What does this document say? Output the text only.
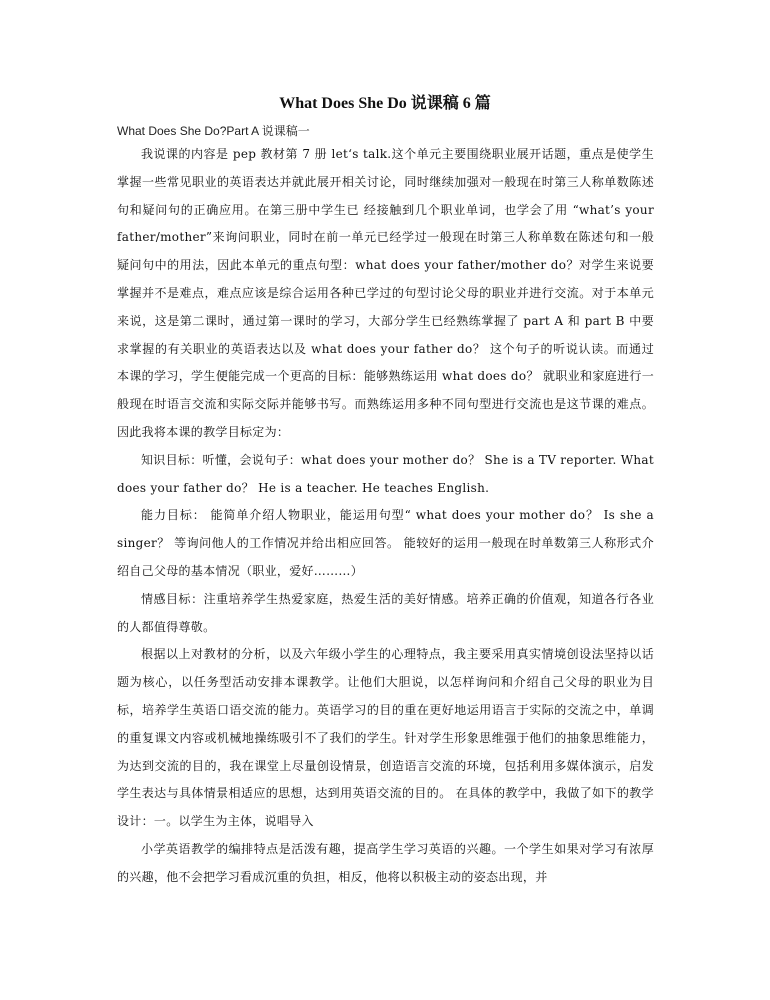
What Does She Do 说课稿 6 篇

What Does She Do?Part A 说课稿一

我说课的内容是 pep 教材第 7 册 let‘s talk.这个单元主要围绕职业展开话题，重点是使学生掌握一些常见职业的英语表达并就此展开相关讨论，同时继续加强对一般现在时第三人称单数陈述句和疑问句的正确应用。在第三册中学生已 经接触到几个职业单词，也学会了用 “what’s your father/mother”来询问职业，同时在前一单元已经学过一般现在时第三人称单数在陈述句和一般疑问句中的用法，因此本单元的重点句型：what does your father/mother do？对学生来说要掌握并不是难点，难点应该是综合运用各种已学过的句型讨论父母的职业并进行交流。对于本单元来说，这是第二课时，通过第一课时的学习，大部分学生已经熟练掌握了 part A 和 part B 中要求掌握的有关职业的英语表达以及 what does your father do？ 这个句子的听说认读。而通过本课的学习，学生便能完成一个更高的目标：能够熟练运用 what does do？ 就职业和家庭进行一般现在时语言交流和实际交际并能够书写。而熟练运用多种不同句型进行交流也是这节课的难点。因此我将本课的教学目标定为：

知识目标：听懂，会说句子：what does your mother do？ She is a TV reporter. What does your father do？ He is a teacher. He teaches English.

能力目标： 能简单介绍人物职业，能运用句型“ what does your mother do？ Is she a singer？ 等询问他人的工作情况并给出相应回答。 能较好的运用一般现在时单数第三人称形式介绍自己父母的基本情况（职业，爱好………）

情感目标：注重培养学生热爱家庭，热爱生活的美好情感。培养正确的价值观，知道各行各业的人都值得尊敬。

根据以上对教材的分析，以及六年级小学生的心理特点，我主要采用真实情境创设法坚持以话题为核心，以任务型活动安排本课教学。让他们大胆说，以怎样询问和介绍自己父母的职业为目标，培养学生英语口语交流的能力。英语学习的目的重在更好地运用语言于实际的交流之中，单调的重复课文内容或机械地操练吸引不了我们的学生。针对学生形象思维强于他们的抽象思维能力，为达到交流的目的，我在课堂上尽量创设情景，创造语言交流的环境，包括利用多媒体演示，启发学生表达与具体情景相适应的思想，达到用英语交流的目的。 在具体的教学中，我做了如下的教学设计：一。以学生为主体，说唱导入

小学英语教学的编排特点是活泼有趣，提高学生学习英语的兴趣。一个学生如果对学习有浓厚的兴趣，他不会把学习看成沉重的负担，相反，他将以积极主动的姿态出现，并
